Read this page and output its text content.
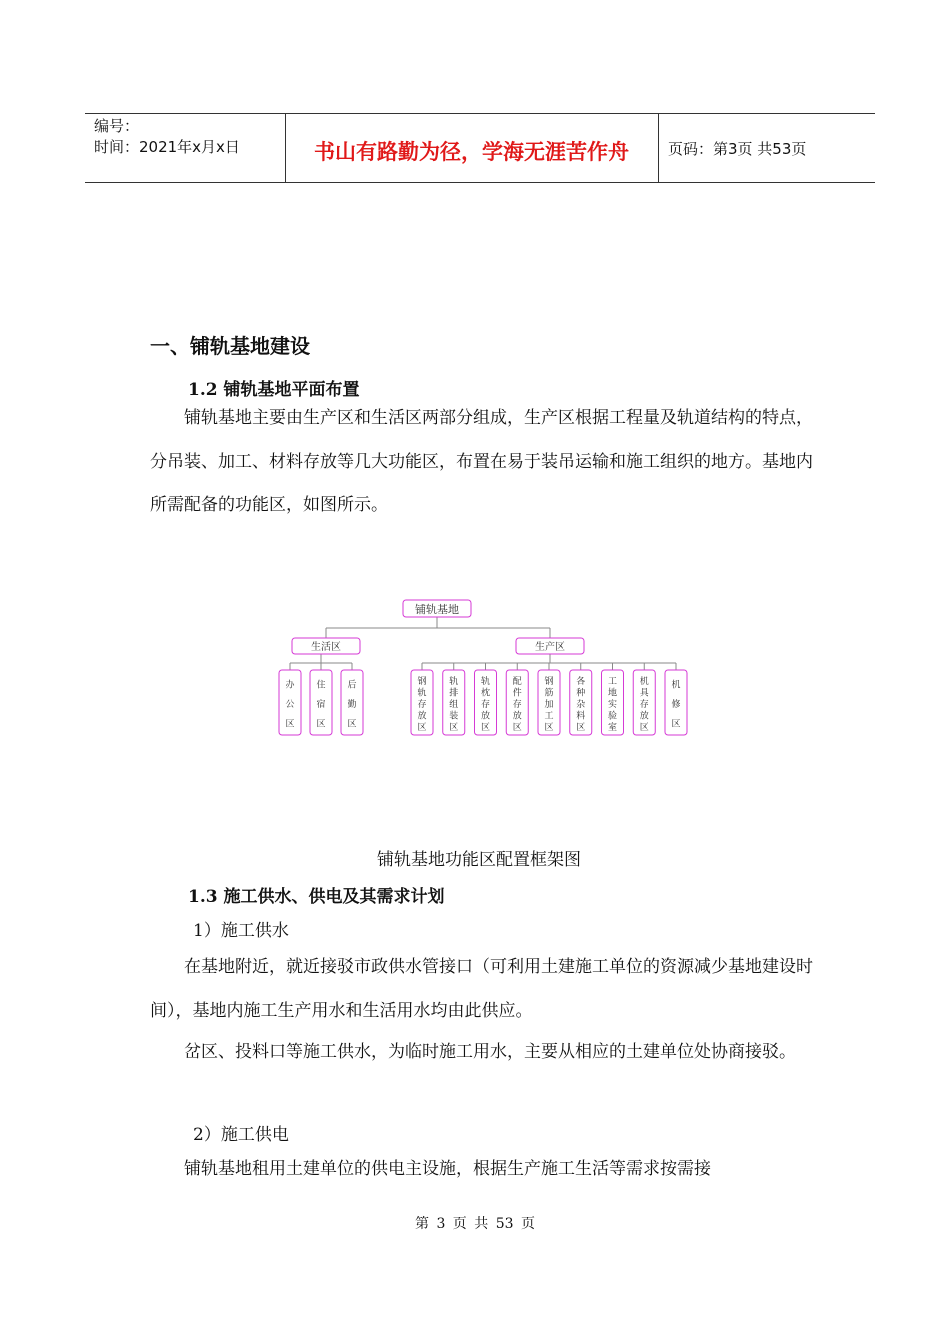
编号：
时间：2021年x月x日	书山有路勤为径，学海无涯苦作舟	页码：第3页 共53页
一、铺轨基地建设
1.2 铺轨基地平面布置

铺轨基地主要由生产区和生活区两部分组成，生产区根据工程量及轨道结构的特点，分吊装、加工、材料存放等几大功能区，布置在易于装吊运输和施工组织的地方。基地内所需配备的功能区，如图所示。

铺轨基地
生活区	生产区
办
公
区
住
宿
区
后
勤
区
钢
轨
存
放
区
轨
排
组
装
区
轨
枕
存
放
区
配
件
存
放
区
钢
筋
加
工
区
各
种
杂
料
区
工
地
实
验
室
机
具
存
放
区
机
修
区
铺轨基地功能区配置框架图
1.3 施工供水、供电及其需求计划
1）施工供水

在基地附近，就近接驳市政供水管接口（可利用土建施工单位的资源减少基地建设时间），基地内施工生产用水和生活用水均由此供应。

岔区、投料口等施工供水，为临时施工用水，主要从相应的土建单位处协商接驳。

2）施工供电

铺轨基地租用土建单位的供电主设施，根据生产施工生活等需求按需接

第 3 页 共 53 页
